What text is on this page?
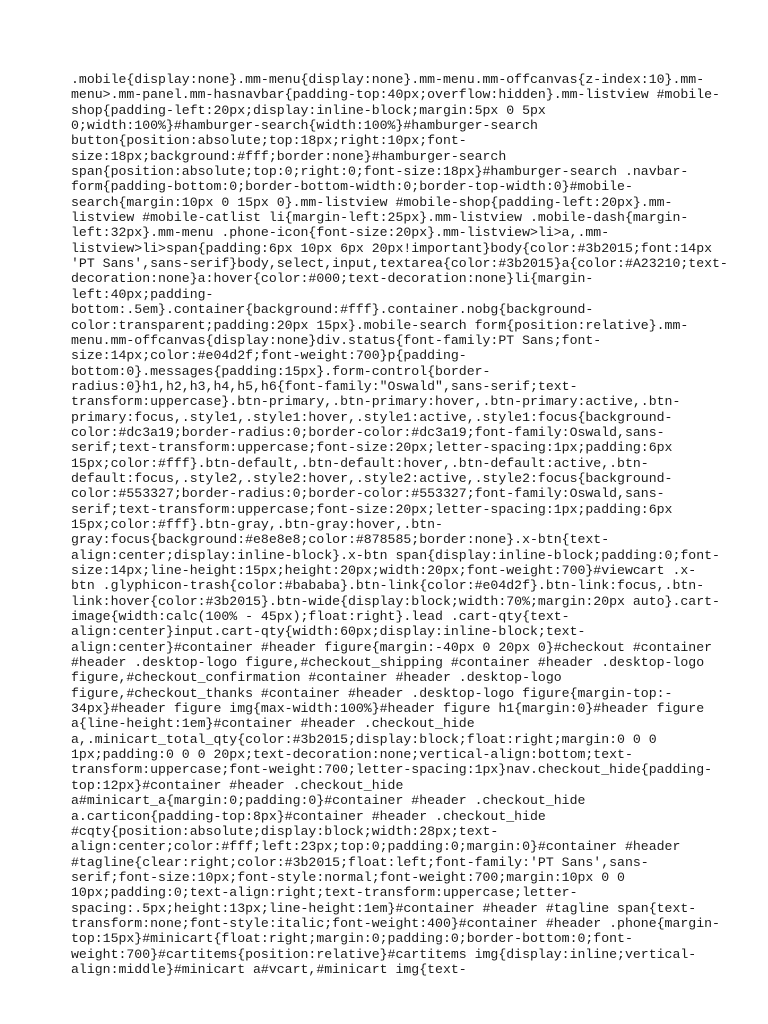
.mobile{display:none}.mm-menu{display:none}.mm-menu.mm-offcanvas{z-index:10}.mm-
menu>.mm-panel.mm-hasnavbar{padding-top:40px;overflow:hidden}.mm-listview #mobile-
shop{padding-left:20px;display:inline-block;margin:5px 0 5px
0;width:100%}#hamburger-search{width:100%}#hamburger-search
button{position:absolute;top:18px;right:10px;font-
size:18px;background:#fff;border:none}#hamburger-search
span{position:absolute;top:0;right:0;font-size:18px}#hamburger-search .navbar-
form{padding-bottom:0;border-bottom-width:0;border-top-width:0}#mobile-
search{margin:10px 0 15px 0}.mm-listview #mobile-shop{padding-left:20px}.mm-
listview #mobile-catlist li{margin-left:25px}.mm-listview .mobile-dash{margin-
left:32px}.mm-menu .phone-icon{font-size:20px}.mm-listview>li>a,.mm-
listview>li>span{padding:6px 10px 6px 20px!important}body{color:#3b2015;font:14px
'PT Sans',sans-serif}body,select,input,textarea{color:#3b2015}a{color:#A23210;text-
decoration:none}a:hover{color:#000;text-decoration:none}li{margin-
left:40px;padding-
bottom:.5em}.container{background:#fff}.container.nobg{background-
color:transparent;padding:20px 15px}.mobile-search form{position:relative}.mm-
menu.mm-offcanvas{display:none}div.status{font-family:PT Sans;font-
size:14px;color:#e04d2f;font-weight:700}p{padding-
bottom:0}.messages{padding:15px}.form-control{border-
radius:0}h1,h2,h3,h4,h5,h6{font-family:"Oswald",sans-serif;text-
transform:uppercase}.btn-primary,.btn-primary:hover,.btn-primary:active,.btn-
primary:focus,.style1,.style1:hover,.style1:active,.style1:focus{background-
color:#dc3a19;border-radius:0;border-color:#dc3a19;font-family:Oswald,sans-
serif;text-transform:uppercase;font-size:20px;letter-spacing:1px;padding:6px
15px;color:#fff}.btn-default,.btn-default:hover,.btn-default:active,.btn-
default:focus,.style2,.style2:hover,.style2:active,.style2:focus{background-
color:#553327;border-radius:0;border-color:#553327;font-family:Oswald,sans-
serif;text-transform:uppercase;font-size:20px;letter-spacing:1px;padding:6px
15px;color:#fff}.btn-gray,.btn-gray:hover,.btn-
gray:focus{background:#e8e8e8;color:#878585;border:none}.x-btn{text-
align:center;display:inline-block}.x-btn span{display:inline-block;padding:0;font-
size:14px;line-height:15px;height:20px;width:20px;font-weight:700}#viewcart .x-
btn .glyphicon-trash{color:#bababa}.btn-link{color:#e04d2f}.btn-link:focus,.btn-
link:hover{color:#3b2015}.btn-wide{display:block;width:70%;margin:20px auto}.cart-
image{width:calc(100% - 45px);float:right}.lead .cart-qty{text-
align:center}input.cart-qty{width:60px;display:inline-block;text-
align:center}#container #header figure{margin:-40px 0 20px 0}#checkout #container
#header .desktop-logo figure,#checkout_shipping #container #header .desktop-logo
figure,#checkout_confirmation #container #header .desktop-logo
figure,#checkout_thanks #container #header .desktop-logo figure{margin-top:-
34px}#header figure img{max-width:100%}#header figure h1{margin:0}#header figure
a{line-height:1em}#container #header .checkout_hide
a,.minicart_total_qty{color:#3b2015;display:block;float:right;margin:0 0 0
1px;padding:0 0 0 20px;text-decoration:none;vertical-align:bottom;text-
transform:uppercase;font-weight:700;letter-spacing:1px}nav.checkout_hide{padding-
top:12px}#container #header .checkout_hide
a#minicart_a{margin:0;padding:0}#container #header .checkout_hide
a.carticon{padding-top:8px}#container #header .checkout_hide
#cqty{position:absolute;display:block;width:28px;text-
align:center;color:#fff;left:23px;top:0;padding:0;margin:0}#container #header
#tagline{clear:right;color:#3b2015;float:left;font-family:'PT Sans',sans-
serif;font-size:10px;font-style:normal;font-weight:700;margin:10px 0 0
10px;padding:0;text-align:right;text-transform:uppercase;letter-
spacing:.5px;height:13px;line-height:1em}#container #header #tagline span{text-
transform:none;font-style:italic;font-weight:400}#container #header .phone{margin-
top:15px}#minicart{float:right;margin:0;padding:0;border-bottom:0;font-
weight:700}#cartitems{position:relative}#cartitems img{display:inline;vertical-
align:middle}#minicart a#vcart,#minicart img{text-
